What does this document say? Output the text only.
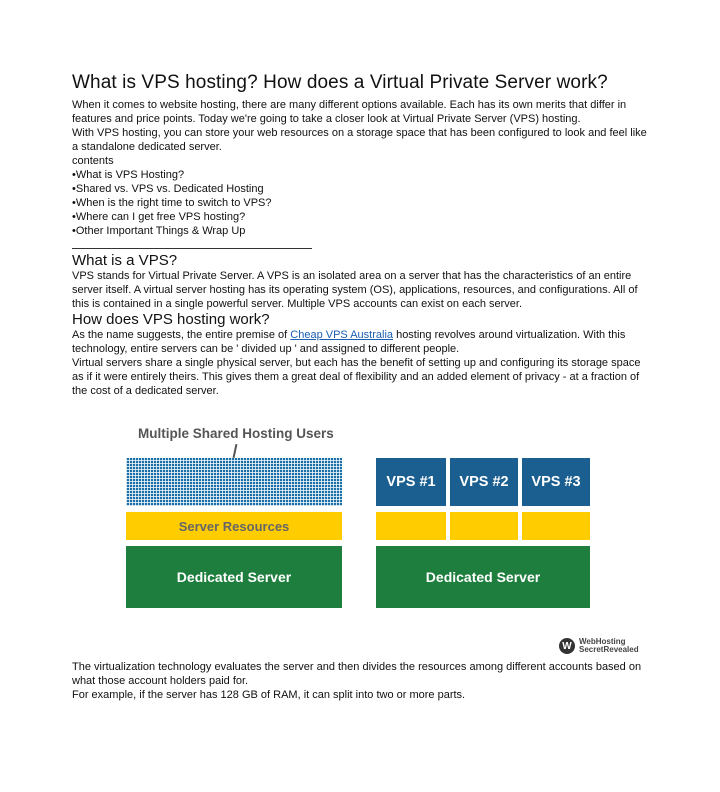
What is VPS hosting? How does a Virtual Private Server work?

When it comes to website hosting, there are many different options available. Each has its own merits that differ in features and price points. Today we're going to take a closer look at Virtual Private Server (VPS) hosting.

With VPS hosting, you can store your web resources on a storage space that has been configured to look and feel like a standalone dedicated server.

contents
• What is VPS Hosting?
• Shared vs. VPS vs. Dedicated Hosting
• When is the right time to switch to VPS?
• Where can I get free VPS hosting?
• Other Important Things & Wrap Up
What is a VPS?

VPS stands for Virtual Private Server. A VPS is an isolated area on a server that has the characteristics of an entire server itself. A virtual server hosting has its operating system (OS), applications, resources, and configurations. All of this is contained in a single powerful server. Multiple VPS accounts can exist on each server.

How does VPS hosting work?

As the name suggests, the entire premise of Cheap VPS Australia hosting revolves around virtualization. With this technology, entire servers can be ' divided up ' and assigned to different people.

Virtual servers share a single physical server, but each has the benefit of setting up and configuring its storage space as if it were entirely theirs. This gives them a great deal of flexibility and an added element of privacy - at a fraction of the cost of a dedicated server.

Multiple Shared Hosting Users
Server Resources
Dedicated Server
VPS #1	VPS #2	VPS #3
Dedicated Server
W WebHosting
SecretRevealed

The virtualization technology evaluates the server and then divides the resources among different accounts based on what those account holders paid for.

For example, if the server has 128 GB of RAM, it can split into two or more parts.
